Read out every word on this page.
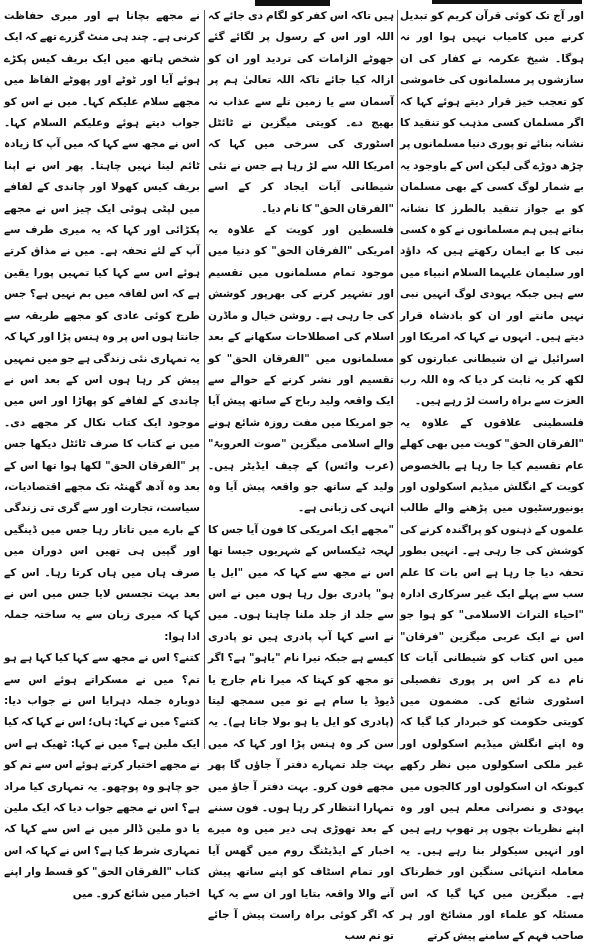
اور آج تک کوئی قرآن کریم کو تبدیل کرنے میں کامیاب نہیں ہوا اور نہ ہوگا۔ شیخ عکرمہ نے کفار کی ان سازشوں پر مسلمانوں کی خاموشی کو تعجب خیز قرار دیتے ہوئے کہا کہ اگر مسلمان کسی مذہب کو تنقید کا نشانہ بنائے تو پوری دنیا مسلمانوں پر چڑھ دوڑے گی لیکن اس کے باوجود یہ بے شمار لوگ کسی کے بھی مسلمان کو بے جواز تنقید بالطرز کا نشانہ بناتے ہیں ہم مسلمانوں نے کو ہ کسی نبی کا بے ایمان رکھتے ہیں کہ داؤد اور سلیمان علیہما السلام انبیاء میں سے ہیں جبکہ یہودی لوگ انہیں نبی نہیں مانتے اور ان کو بادشاہ قرار دیتے ہیں۔ انہوں نے کہا کہ امریکا اور اسرائیل نے ان شیطانی عبارتوں کو لکھ کر یہ ثابت کر دیا کہ وہ اللہ رب العزت سے براہ راست لڑ رہے ہیں۔

فلسطینی علاقوں کے علاوہ یہ "الفرقان الحق" کویت میں بھی کھلے عام تقسیم کیا جا رہا ہے بالخصوص کویت کے انگلش میڈیم اسکولوں اور یونیورسٹیوں میں پڑھنے والے طالب علموں کے ذہنوں کو پراگندہ کرنے کی کوشش کی جا رہی ہے۔ انہیں بطور تحفہ دیا جا رہا ہے اس بات کا علم سب سے پہلے ایک غیر سرکاری ادارہ "احیاء التراث الاسلامی" کو ہوا جو اس نے ایک عربی میگزین "فرقان" میں اس کتاب کو شیطانی آیات کا نام دے کر اس پر پوری تفصیلی اسٹوری شائع کی۔ مضمون میں کویتی حکومت کو خبردار کیا گیا کہ وہ اپنے انگلش میڈیم اسکولوں اور غیر ملکی اسکولوں میں نظر رکھے کیونکہ ان اسکولوں اور کالجوں میں یہودی و نصرانی معلم ہیں اور وہ اپنے نظریات بچوں پر تھوپ رہے ہیں اور انہیں سیکولر بنا رہے ہیں۔ یہ معاملہ انتہائی سنگین اور خطرناک ہے۔ میگزین میں کہا گیا کہ اس مسئلہ کو علماء اور مشائخ اور ہر صاحب فہم کے سامنے پیش کرتے

ہیں تاکہ اس کفر کو لگام دی جائے کہ اللہ اور اس کے رسول پر لگائے گئے جھوٹے الزامات کی تردید اور ان کو ازالہ کیا جائے تاکہ اللہ تعالیٰ ہم پر آسمان سے یا زمین تلے سے عذاب نہ بھیج دے۔ کویتی میگزین نے ٹائٹل اسٹوری کی سرخی میں کہا کہ امریکا اللہ سے لڑ رہا ہے جس نے نئی شیطانی آیات ایجاد کر کے اسے "الفرقان الحق" کا نام دیا۔

فلسطین اور کویت کے علاوہ یہ امریکی "الفرقان الحق" کو دنیا میں موجود تمام مسلمانوں میں تقسیم اور تشہیر کرنے کی بھرپور کوشش کی جا رہی ہے۔ روشن خیال و ماڈرن اسلام کی اصطلاحات سکھانے کے بعد مسلمانوں میں "الفرقان الحق" کو تقسیم اور نشر کرنے کے حوالے سے ایک واقعہ ولید رباح کے ساتھ پیش آیا جو امریکا میں مفت روزہ شائع ہونے والے اسلامی میگزین "صوت العروبۃ" (عرب وائس) کے چیف ایڈیٹر ہیں۔ ولید کے ساتھ جو واقعہ پیش آیا وہ انہی کی زبانی ہے۔

"مجھے ایک امریکی کا فون آیا جس کا لہجہ ٹیکساس کے شہریوں جیسا تھا اس نے مجھ سے کہا کہ میں "ایل یا ہو" پادری بول رہا ہوں میں نے اس سے جلد از جلد ملنا چاہتا ہوں۔ میں نے اسے کہا آپ پادری ہیں تو پادری کیسے ہے جبکہ تیرا نام "یاہو" ہے؟ اگر تو مجھ کو کہتا کہ میرا نام جارج یا ڈیوڈ یا سام ہے تو میں سمجھ لیتا (پادری کو ایل یا ہو بولا جاتا ہے)۔ یہ سن کر وہ ہنس پڑا اور کہا کہ میں بہت جلد تمہارے دفتر آ جاؤں گا پھر مجھے فون کرو۔ بہت دفتر آ جاؤ میں تمہارا انتظار کر رہا ہوں۔ فون سننے کے بعد تھوڑی ہی دیر میں وہ میرے اخبار کے ایڈیٹنگ روم میں گھس آیا اور تمام اسٹاف کو اپنے ساتھ پیش آنے والا واقعہ بتایا اور ان سے یہ کہا کہ اگر کوئی براہ راست پیش آ جائے تو تم سب

نے مجھے بچانا ہے اور میری حفاظت کرنی ہے۔ چند ہی منٹ گزرے تھے کہ ایک شخص ہاتھ میں ایک بریف کیس پکڑے ہوئے آیا اور ٹوٹے اور پھوٹے الفاظ میں مجھے سلام علیکم کہا۔ میں نے اس کو جواب دیتے ہوئے وعلیکم السلام کہا۔ اس نے مجھ سے کہا کہ میں آپ کا زیادہ ٹائم لینا نہیں چاہتا۔ پھر اس نے اپنا بریف کیس کھولا اور چاندی کے لفافے میں لپٹی ہوئی ایک چیز اس نے مجھے پکڑائی اور کہا کہ یہ میری طرف سے آپ کے لئے تحفہ ہے۔ میں نے مذاق کرتے ہوئے اس سے کہا کیا تمہیں پورا یقین ہے کہ اس لفافہ میں بم نہیں ہے؟ جس طرح کوئی عادی کو مجھے طریقہ سے جانتا ہوں اس پر وہ ہنس پڑا اور کہا کہ یہ تمہاری نئی زندگی ہے جو میں تمہیں پیش کر رہا ہوں اس کے بعد اس نے چاندی کے لفافے کو پھاڑا اور اس میں موجود ایک کتاب نکال کر مجھے دی۔ میں نے کتاب کا صرف ٹائٹل دیکھا جس پر "الفرقان الحق" لکھا ہوا تھا اس کے بعد وہ آدھ گھنٹہ تک مجھے اقتصادیات، سیاست، تجارت اور سے گری تی زندگی کے بارے میں تاتار رہا جس میں ڈینگیں اور گپیں ہی تھیں اس دوران میں صرف ہاں میں ہاں کرتا رہا۔ اس کے بعد بہت تجسس لایا جس میں اس نے کہا کہ میری زبان سے یہ ساختہ جملہ ادا ہوا:

کتنے؟ اس نے مجھ سے کہا کیا کہا ہے ہو تم؟ میں نے مسکراتے ہوئے اس سے دوبارہ جملہ دہرایا اس نے جواب دیا: کتنے؟ میں نے کہا: ہاں؛ اس نے کہا کہ کیا ایک ملین ہے؟ میں نے کہا: ٹھیک ہے اس نے مجھے اختیار کرتے ہوئے اس سے تم کو جو چاہو وہ پوچھو۔ یہ تمہاری کیا مراد ہے؟ اس نے مجھے جواب دیا کہ ایک ملین یا دو ملین ڈالر میں نے اس سے کہا کہ تمہاری شرط کیا ہے؟ اس نے کہا کہ اس کتاب "الفرقان الحق" کو قسط وار اپنے اخبار میں شائع کرو۔ میں
